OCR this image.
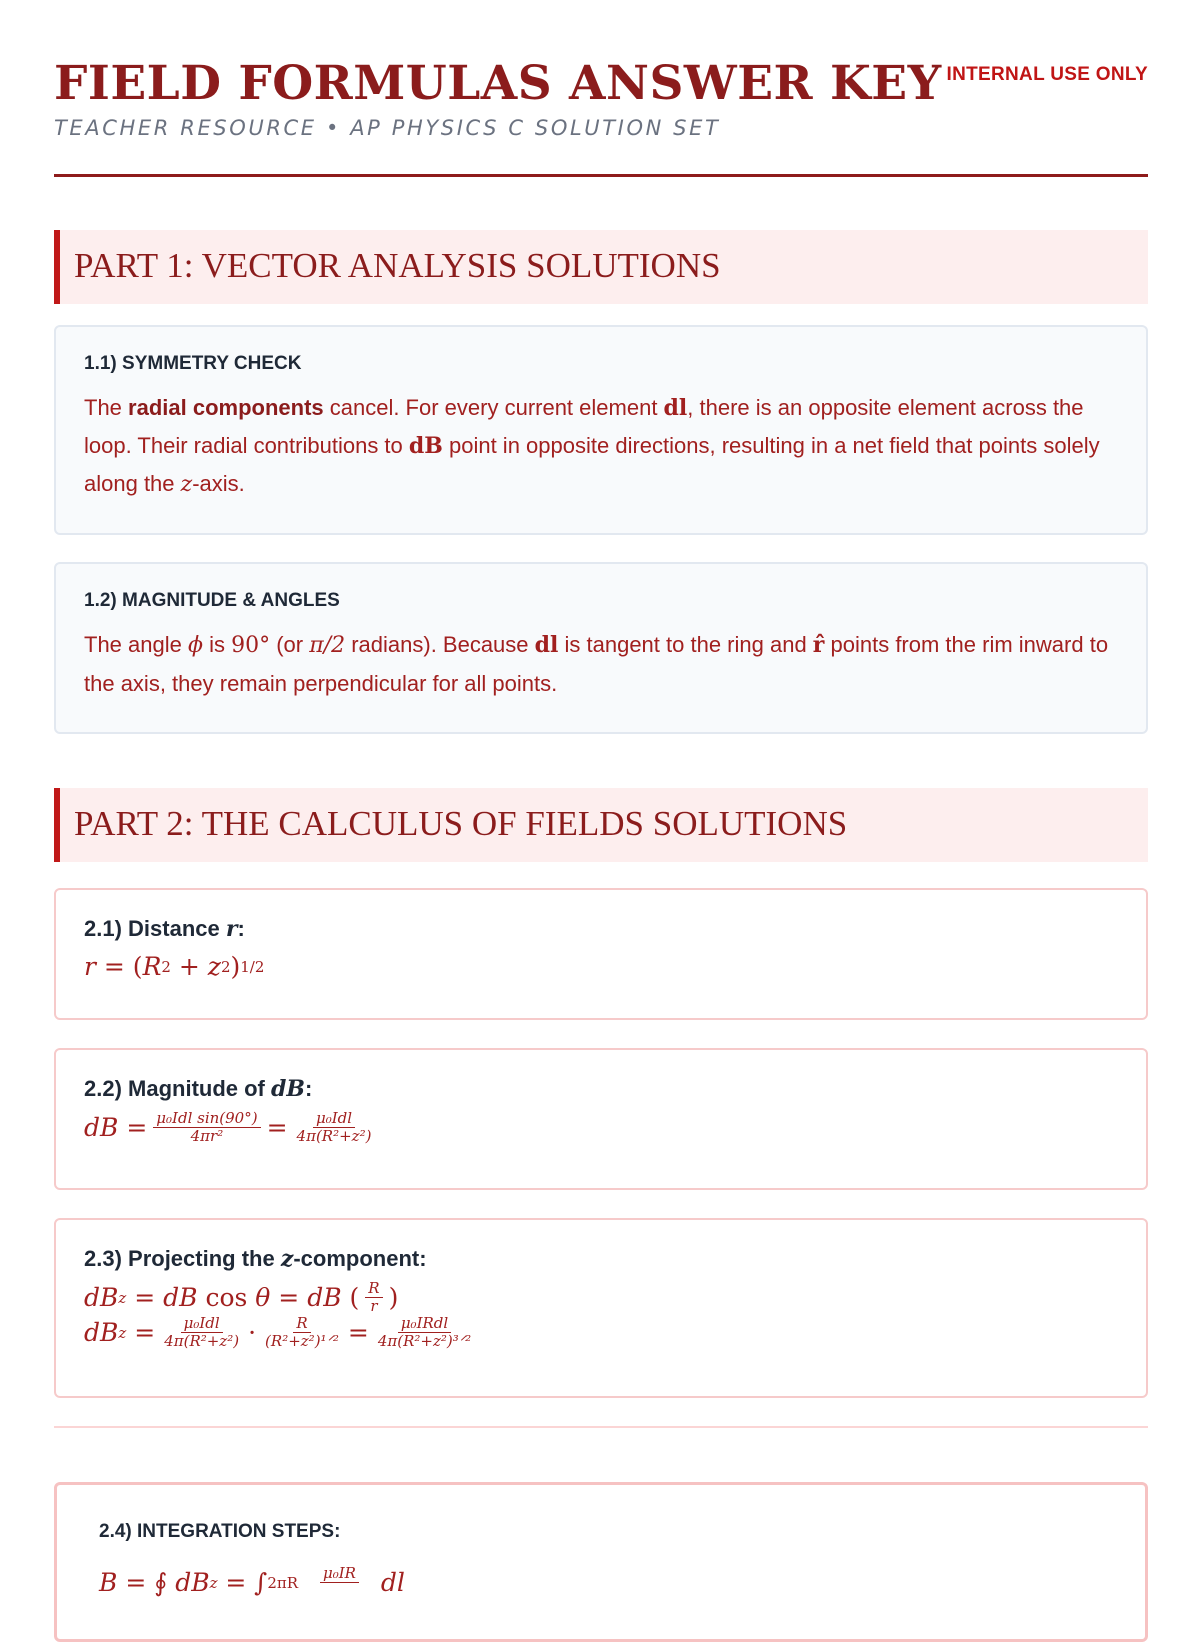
FIELD FORMULAS ANSWER KEY
TEACHER RESOURCE • AP PHYSICS C SOLUTION SET
INTERNAL USE ONLY
PART 1: VECTOR ANALYSIS SOLUTIONS
1.1) SYMMETRY CHECK
The radial components cancel. For every current element dl, there is an opposite element across the loop. Their radial contributions to dB point in opposite directions, resulting in a net field that points solely along the z-axis.
1.2) MAGNITUDE & ANGLES
The angle ϕ is 90° (or π/2 radians). Because dl is tangent to the ring and r̂ points from the rim inward to the axis, they remain perpendicular for all points.
PART 2: THE CALCULUS OF FIELDS SOLUTIONS
2.1) Distance r:
r = ( R 2 + z 2 ) 1/2
2.2) Magnitude of dB:
dB = $\frac{\text{μ₀Idl sin(90°)}}{\text{4πr²}} = \frac{\text{μ₀Idl}}{\text{4π(R²+z²)}}$
2.3) Projecting the z-component:
dB z = dB cos θ = dB ( $\frac{R}{r}$ )
dB $z = \frac{\text{μ₀Idl}}{\text{4π(R²+z²)}} \cdot \frac{R}{\text{(R²+z²)¹ᐟ²}} = \frac{\text{μ₀IRdl}}{\text{4π(R²+z²)³ᐟ²}}$
2.4) INTEGRATION STEPS:
B = ∮ dB z = ∫ 2πR

μ₀IR

dl
